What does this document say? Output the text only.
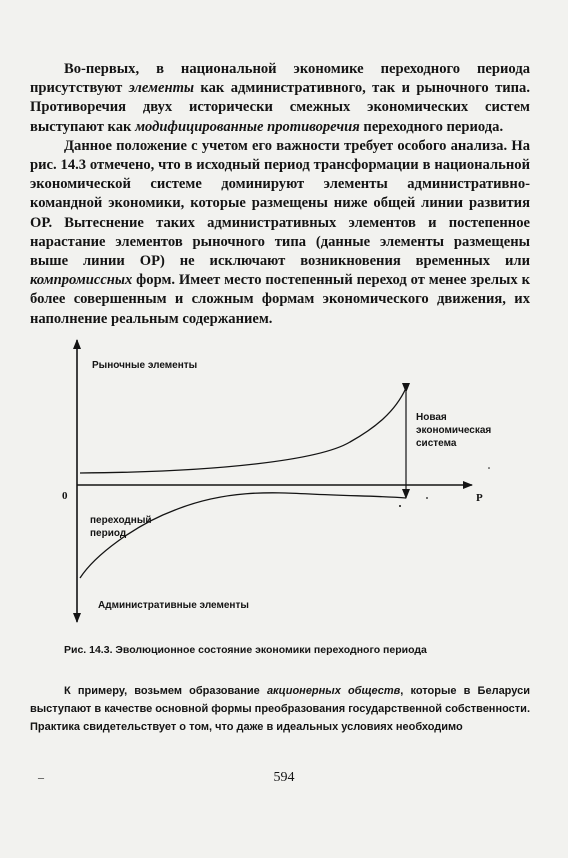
Во-первых, в национальной экономике переходного периода присутствуют элементы как административного, так и рыночного типа. Противоречия двух исторически смежных экономических систем выступают как модифицированные противоречия переходного периода.

Данное положение с учетом его важности требует особого анализа. На рис. 14.3 отмечено, что в исходный период трансформации в национальной экономической системе доминируют элементы административно-командной экономики, которые размещены ниже общей линии развития ОР. Вытеснение таких административных элементов и постепенное нарастание элементов рыночного типа (данные элементы размещены выше линии ОР) не исключают возникновения временных или компромиссных форм. Имеет место постепенный переход от менее зрелых к более совершенным и сложным формам экономического движения, их наполнение реальным содержанием.

Рыночные элементы
0	P
Новая
экономическая
система
переходный
период
Административные элементы
Рис. 14.3. Эволюционное состояние экономики переходного периода

К примеру, возьмем образование акционерных обществ, которые в Беларуси выступают в качестве основной формы преобразования государственной собственности. Практика свидетельствует о том, что даже в идеальных условиях необходимо

–	594
